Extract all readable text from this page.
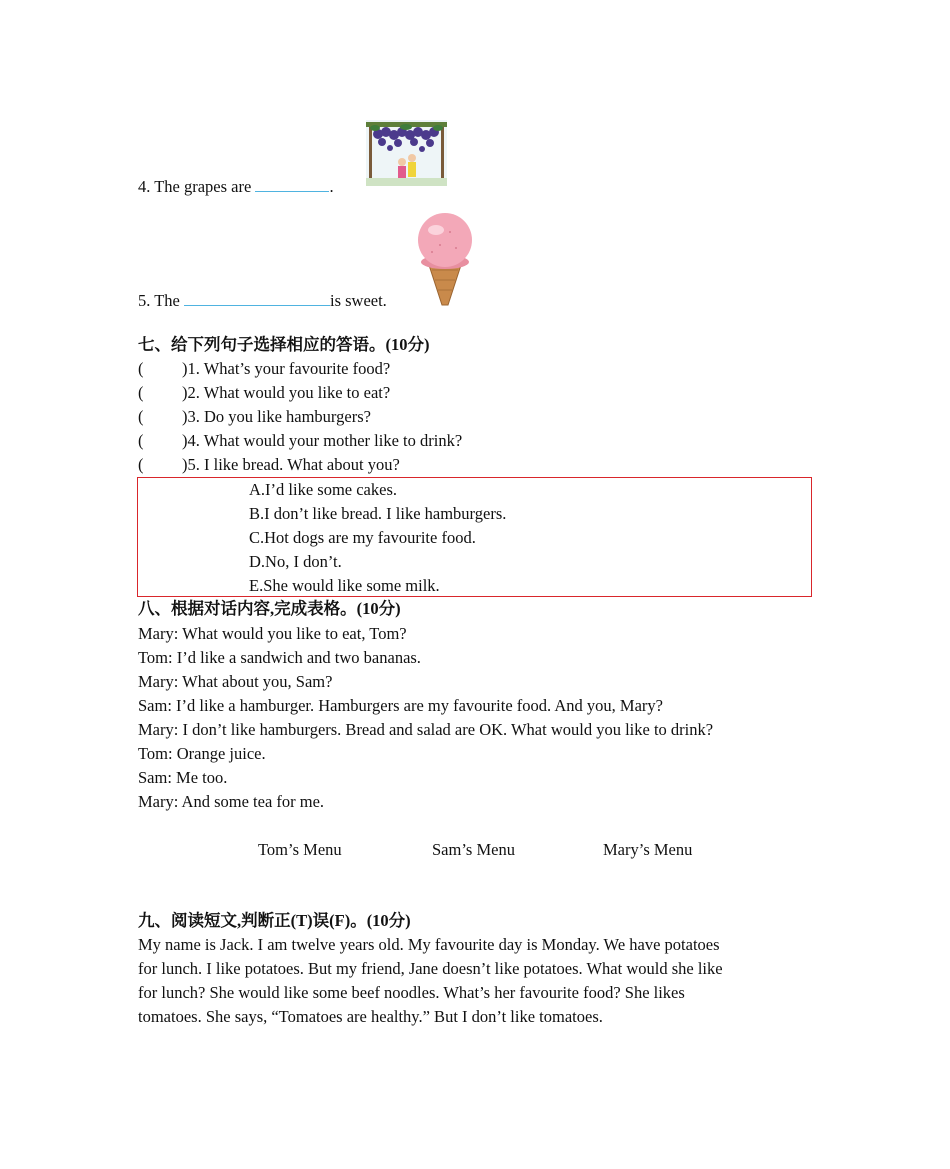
4. The grapes are	.
5. The	is sweet.
七、给下列句子选择相应的答语。(10分)
( )1. What’s your favourite food?
( )2. What would you like to eat?
( )3. Do you like hamburgers?
( )4. What would your mother like to drink?
( )5. I like bread. What about you?
A.I’d like some cakes.
B.I don’t like bread. I like hamburgers.
C.Hot dogs are my favourite food.
D.No, I don’t.
E.She would like some milk.
八、根据对话内容,完成表格。(10分)
Mary: What would you like to eat, Tom?
Tom: I’d like a sandwich and two bananas.
Mary: What about you, Sam?
Sam: I’d like a hamburger. Hamburgers are my favourite food. And you, Mary?
Mary: I don’t like hamburgers. Bread and salad are OK. What would you like to drink?
Tom: Orange juice.
Sam: Me too.
Mary: And some tea for me.
Tom’s Menu	Sam’s Menu	Mary’s Menu
九、阅读短文,判断正(T)误(F)。(10分)
My name is Jack. I am twelve years old. My favourite day is Monday. We have potatoes
for lunch. I like potatoes. But my friend, Jane doesn’t like potatoes. What would she like
for lunch? She would like some beef noodles. What’s her favourite food? She likes
tomatoes. She says, “Tomatoes are healthy.” But I don’t like tomatoes.
